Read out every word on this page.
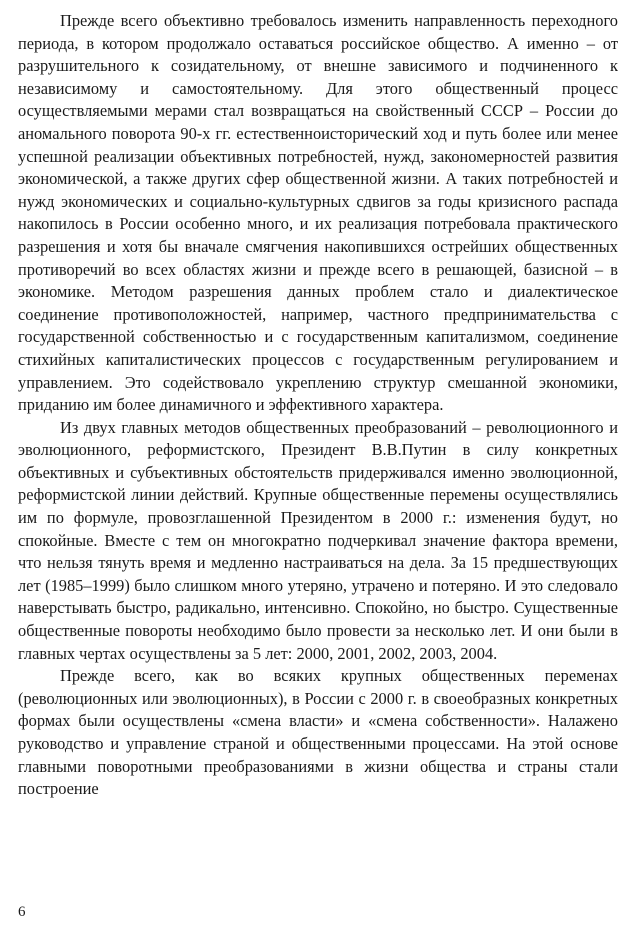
Прежде всего объективно требовалось изменить направленность переходного периода, в котором продолжало оставаться российское общество. А именно – от разрушительного к созидательному, от внешне зависимого и подчиненного к независимому и самостоятельному. Для этого общественный процесс осуществляемыми мерами стал возвращаться на свойственный СССР – России до аномального поворота 90-х гг. естественноисторический ход и путь более или менее успешной реализации объективных потребностей, нужд, закономерностей развития экономической, а также других сфер общественной жизни. А таких потребностей и нужд экономических и социально-культурных сдвигов за годы кризисного распада накопилось в России особенно много, и их реализация потребовала практического разрешения и хотя бы вначале смягчения накопившихся острейших общественных противоречий во всех областях жизни и прежде всего в решающей, базисной – в экономике. Методом разрешения данных проблем стало и диалектическое соединение противоположностей, например, частного предпринимательства с государственной собственностью и с государственным капитализмом, соединение стихийных капиталистических процессов с государственным регулированием и управлением. Это содействовало укреплению структур смешанной экономики, приданию им более динамичного и эффективного характера.

Из двух главных методов общественных преобразований – революционного и эволюционного, реформистского, Президент В.В.Путин в силу конкретных объективных и субъективных обстоятельств придерживался именно эволюционной, реформистской линии действий. Крупные общественные перемены осуществлялись им по формуле, провозглашенной Президентом в 2000 г.: изменения будут, но спокойные. Вместе с тем он многократно подчеркивал значение фактора времени, что нельзя тянуть время и медленно настраиваться на дела. За 15 предшествующих лет (1985–1999) было слишком много утеряно, утрачено и потеряно. И это следовало наверстывать быстро, радикально, интенсивно. Спокойно, но быстро. Существенные общественные повороты необходимо было провести за несколько лет. И они были в главных чертах осуществлены за 5 лет: 2000, 2001, 2002, 2003, 2004.

Прежде всего, как во всяких крупных общественных переменах (революционных или эволюционных), в России с 2000 г. в своеобразных конкретных формах были осуществлены «смена власти» и «смена собственности». Налажено руководство и управление страной и общественными процессами. На этой основе главными поворотными преобразованиями в жизни общества и страны стали построение

6
